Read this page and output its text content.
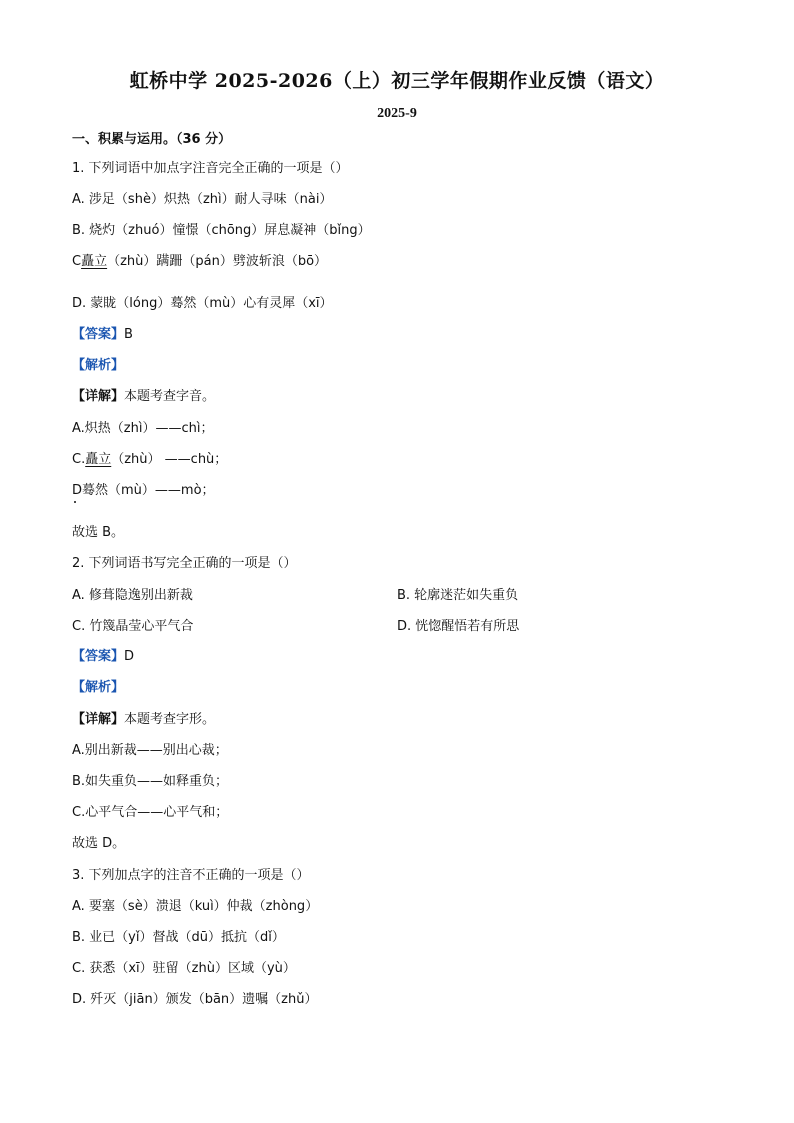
虹桥中学 2025-2026（上）初三学年假期作业反馈（语文）
2025-9
一、积累与运用。（36 分）
1. 下列词语中加点字注音完全正确的一项是（）
A. 涉足（shè）炽热（zhì）耐人寻味（nài）
B. 烧灼（zhuó）憧憬（chōng）屏息凝神（bǐng）
C矗立（zhù）蹒跚（pán）劈波斩浪（bō）
D. 蒙眬（lóng）蓦然（mù）心有灵犀（xī）
【答案】B
【解析】
【详解】本题考查字音。
A.炽热（zhì）——chì；
C.矗立（zhù） ——chù；
D蓦然（mù）——mò；
故选 B。
2. 下列词语书写完全正确的一项是（）
A. 修葺隐逸别出新裁	B. 轮廓迷茫如失重负
C. 竹篾晶莹心平气合	D. 恍惚醒悟若有所思
【答案】D
【解析】
【详解】本题考查字形。
A.别出新裁——别出心裁；
B.如失重负——如释重负；
C.心平气合——心平气和；
故选 D。
3. 下列加点字的注音不正确的一项是（）
A. 要塞（sè）溃退（kuì）仲裁（zhòng）
B. 业已（yǐ）督战（dū）抵抗（dǐ）
C. 获悉（xī）驻留（zhù）区域（yù）
D. 歼灭（jiān）颁发（bān）遗嘱（zhǔ）
